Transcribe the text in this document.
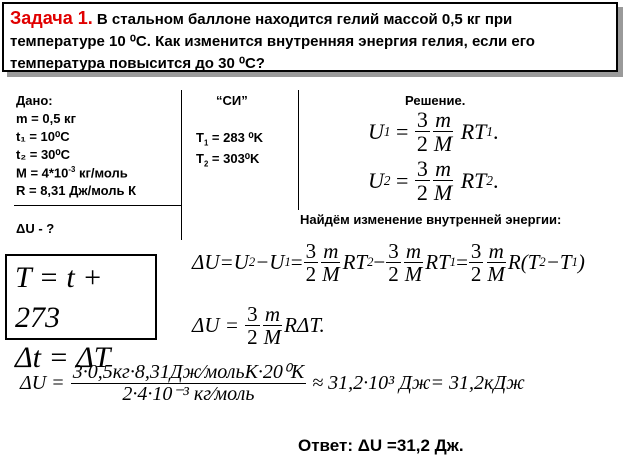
Задача 1. В стальном баллоне находится гелий массой 0,5 кг при температуре 10 ⁰С. Как изменится внутренняя энергия гелия, если его температура повысится до 30 ⁰С?
Дано:
m = 0,5 кг
t₁ = 10⁰С
t₂ = 30⁰С
$M = 4*10^{-3}$ кг/моль
R = 8,31 Дж/моль К
ΔU - ?
“СИ”
$T_1 = 283$ ⁰K
$T_2 = 303^0K$
Решение.
U $1 = \frac{3}{2} \frac{m}{M}$
RT 1 .
U $2 = \frac{3}{2} \frac{m}{M}$
RT 2 .
Найдём изменение внутренней энергии:
T = t + 273
Δt = ΔT
ΔU=U 2 −U $1 = \frac{3}{2} \frac{m}{M}$ RT $2 - \frac{3}{2} \frac{m}{M}$ RT $1 = \frac{3}{2} \frac{m}{M} R(T$ 2 −T 1 )
ΔU =
$\frac{3}{2} \frac{m}{M} R\Delta T$.
$\Delta U = \frac{\text{3·0,5кг·8,31Дж⁄мольК·20⁰К}}{\text{2·4·10⁻³ кг⁄моль}}$
≈ 31,2·10³ Дж= 31,2кДж
Ответ: ΔU =31,2 Дж.
